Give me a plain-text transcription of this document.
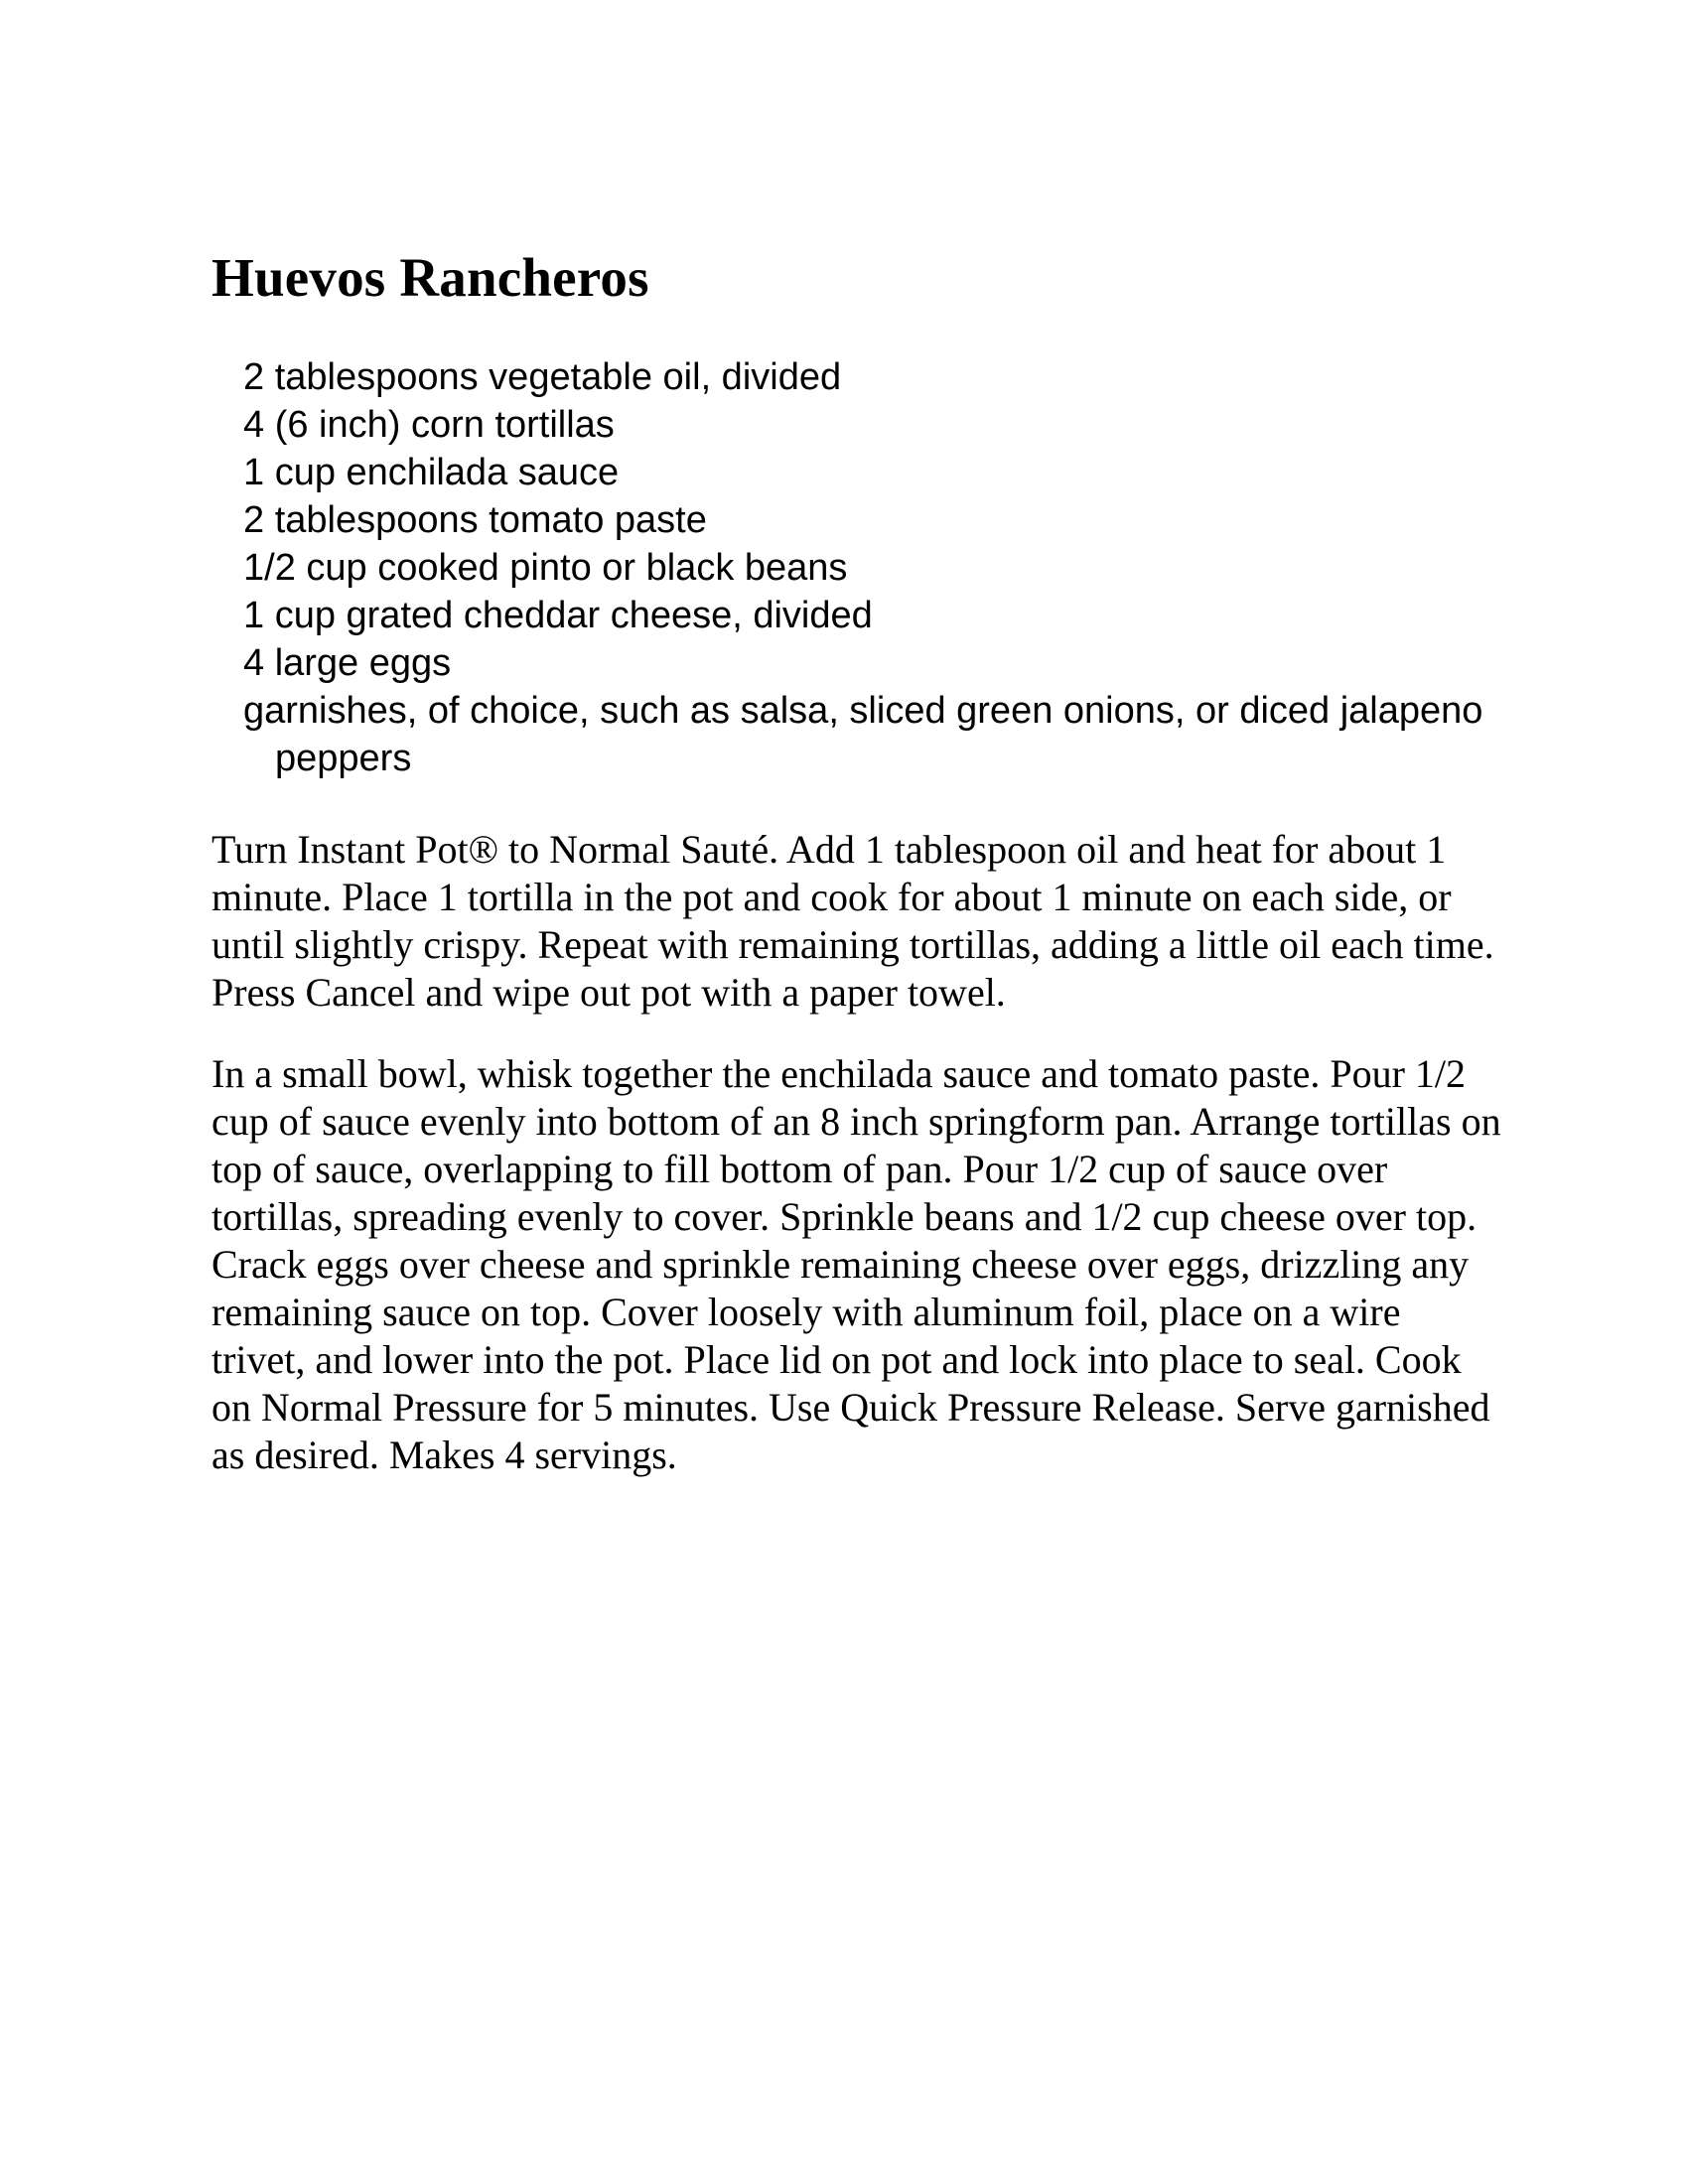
Huevos Rancheros
2 tablespoons vegetable oil, divided
4 (6 inch) corn tortillas
1 cup enchilada sauce
2 tablespoons tomato paste
1/2 cup cooked pinto or black beans
1 cup grated cheddar cheese, divided
4 large eggs
garnishes, of choice, such as salsa, sliced green onions, or diced jalapeno peppers

Turn Instant Pot® to Normal Sauté. Add 1 tablespoon oil and heat for about 1 minute. Place 1 tortilla in the pot and cook for about 1 minute on each side, or until slightly crispy. Repeat with remaining tortillas, adding a little oil each time. Press Cancel and wipe out pot with a paper towel.

In a small bowl, whisk together the enchilada sauce and tomato paste. Pour 1/2 cup of sauce evenly into bottom of an 8 inch springform pan. Arrange tortillas on top of sauce, overlapping to fill bottom of pan. Pour 1/2 cup of sauce over tortillas, spreading evenly to cover. Sprinkle beans and 1/2 cup cheese over top. Crack eggs over cheese and sprinkle remaining cheese over eggs, drizzling any remaining sauce on top. Cover loosely with aluminum foil, place on a wire trivet, and lower into the pot. Place lid on pot and lock into place to seal. Cook on Normal Pressure for 5 minutes. Use Quick Pressure Release. Serve garnished as desired. Makes 4 servings.
